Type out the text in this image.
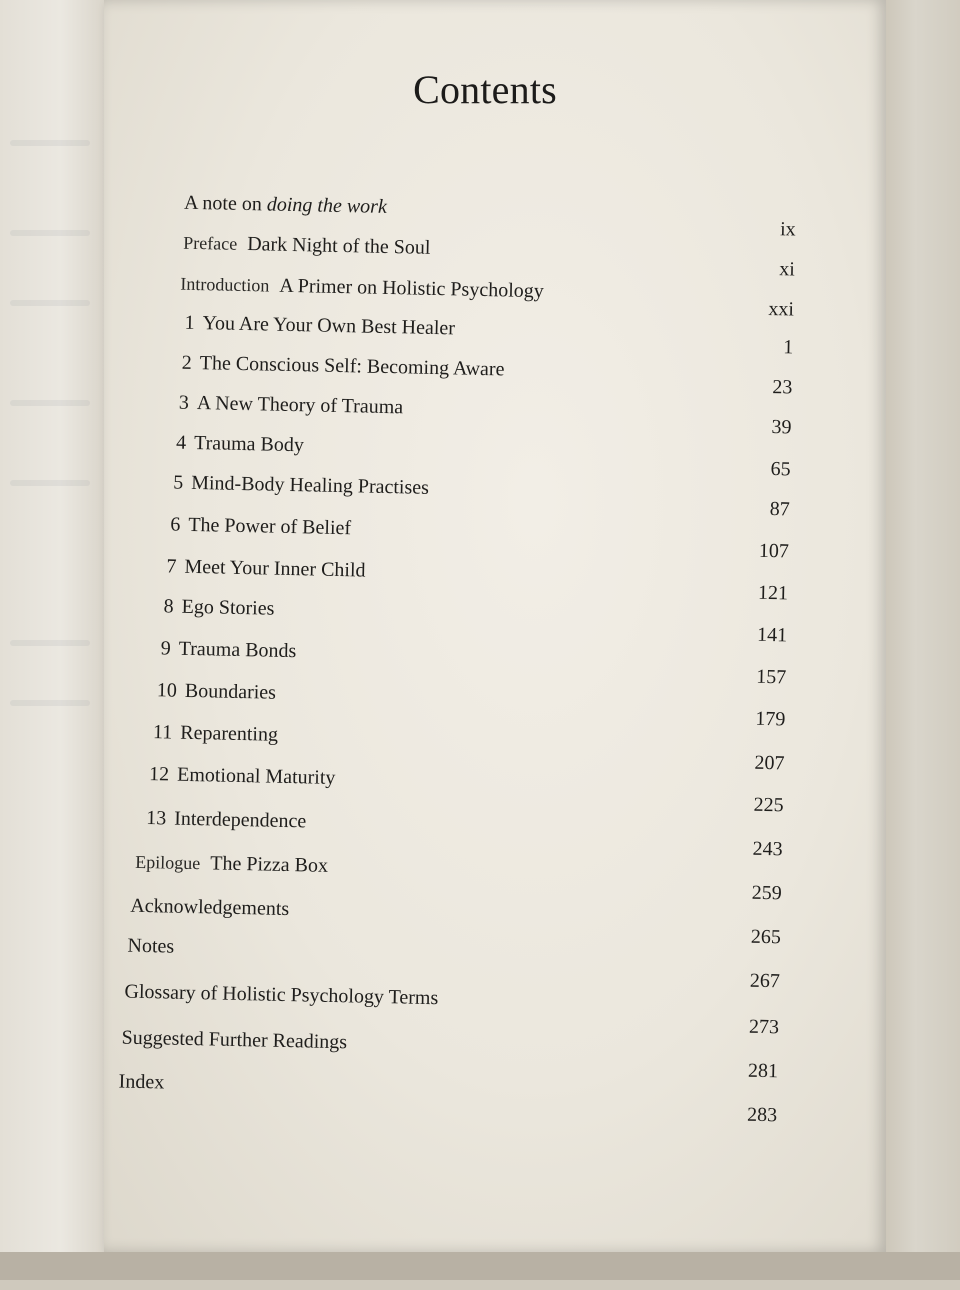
Contents
A note on doing the work
ix
Preface Dark Night of the Soul
xi
Introduction A Primer on Holistic Psychology
xxi
1 You Are Your Own Best Healer
1
2 The Conscious Self: Becoming Aware
23
3 A New Theory of Trauma
39
4 Trauma Body
65
5 Mind-Body Healing Practises
87
6 The Power of Belief
107
7 Meet Your Inner Child
121
8 Ego Stories
141
9 Trauma Bonds
157
10 Boundaries
179
11 Reparenting
207
12 Emotional Maturity
225
13 Interdependence
243
Epilogue The Pizza Box
259
Acknowledgements
265
Notes
267
Glossary of Holistic Psychology Terms
273
Suggested Further Readings
281
Index
283
